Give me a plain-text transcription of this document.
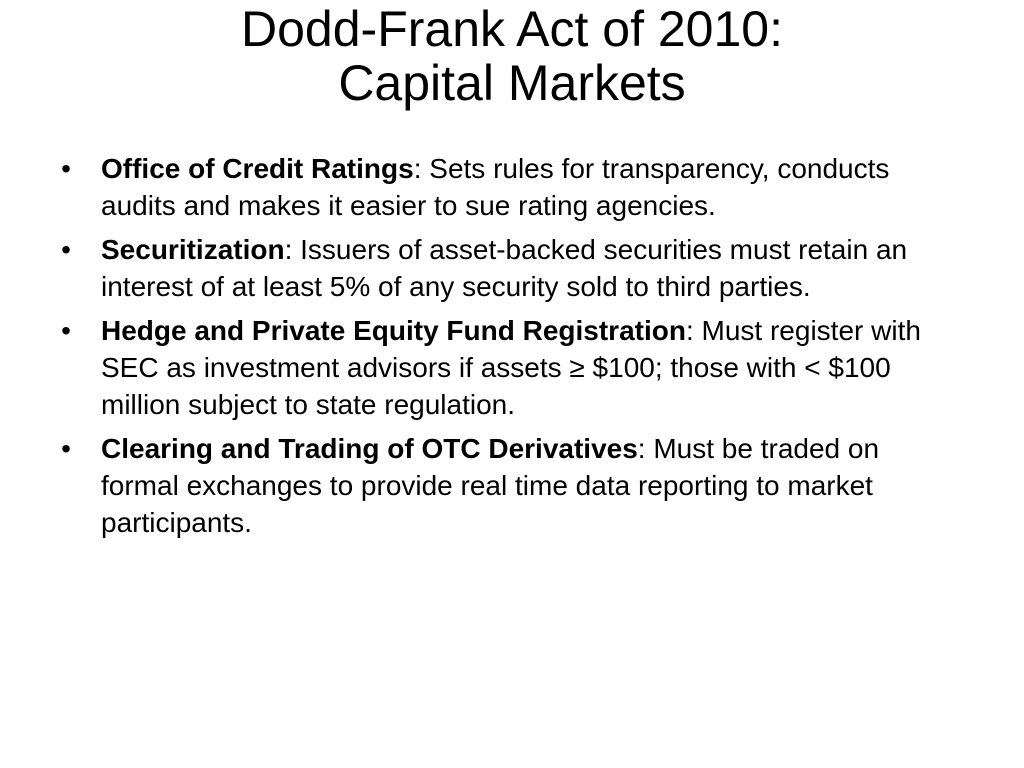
Dodd-Frank Act of 2010:
Capital Markets
• Office of Credit Ratings: Sets rules for transparency, conducts audits and makes it easier to sue rating agencies.
• Securitization: Issuers of asset-backed securities must retain an interest of at least 5% of any security sold to third parties.
• Hedge and Private Equity Fund Registration: Must register with SEC as investment advisors if assets ≥ $100; those with < $100 million subject to state regulation.
• Clearing and Trading of OTC Derivatives: Must be traded on formal exchanges to provide real time data reporting to market participants.
